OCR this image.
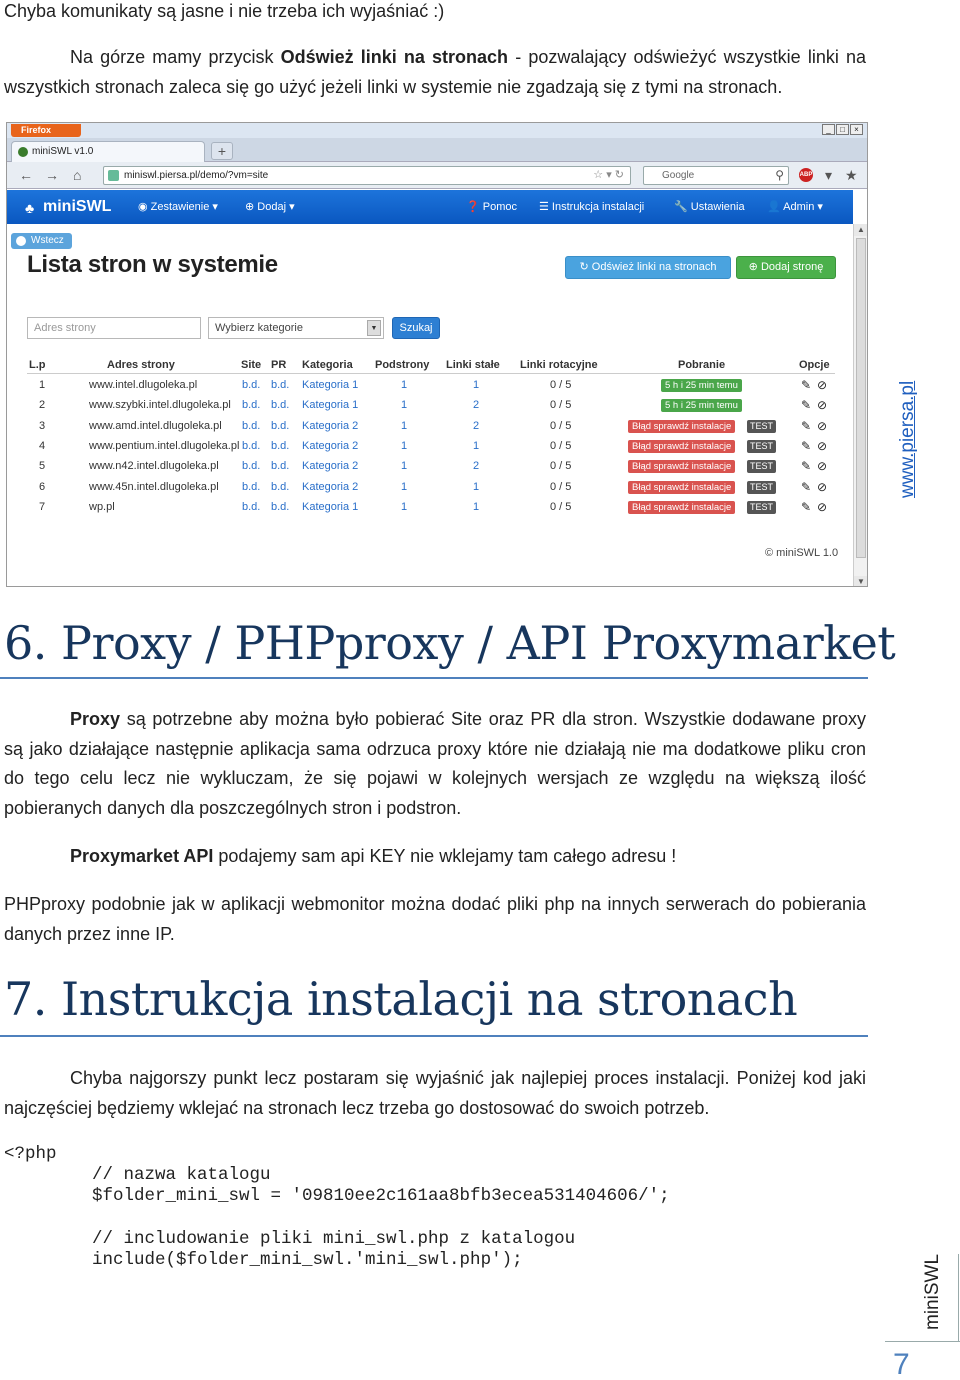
Chyba komunikaty są jasne i nie trzeba ich wyjaśniać :)
Na górze mamy przycisk Odśwież linki na stronach - pozwalający odświeżyć wszystkie linki na wszystkich stronach zaleca się go użyć jeżeli linki w systemie nie zgadzają się z tymi na stronach.
Firefox	_	□	×
miniSWL v1.0	+
← → ⌂	miniswl.piersa.pl/demo/?vm=site	☆ ▾ ↻	Google	⚲	ABP ▾ ★
♣ miniSWL ◉ Zestawienie ▾ ⊕ Dodaj ▾	❓ Pomoc ☰ Instrukcja instalacji	🔧 Ustawienia 👤 Admin ▾
Wstecz
Lista stron w systemie	↻ Odśwież linki na stronach	⊕ Dodaj stronę
Adres strony	Wybierz kategorie	▼	Szukaj
L.p	Adres strony	Site PR Kategoria Podstrony Linki stałe Linki rotacyjne	Pobranie	Opcje
1	www.intel.dlugoleka.pl	b.d. b.d. Kategoria 1	1	1	0 / 5	5 h i 25 min temu	✎ ⊘
2	www.szybki.intel.dlugoleka.pl b.d. b.d. Kategoria 1	1	2	0 / 5	5 h i 25 min temu	✎ ⊘
3	www.amd.intel.dlugoleka.pl b.d. b.d. Kategoria 2	1	2	0 / 5	Błąd sprawdź instalacje	TEST ✎ ⊘
4	www.pentium.intel.dlugoleka.pl b.d. b.d. Kategoria 2	1	1	0 / 5	Błąd sprawdź instalacje	TEST ✎ ⊘
5	www.n42.intel.dlugoleka.pl b.d. b.d. Kategoria 2	1	2	0 / 5	Błąd sprawdź instalacje	TEST ✎ ⊘
6	www.45n.intel.dlugoleka.pl b.d. b.d. Kategoria 2	1	1	0 / 5	Błąd sprawdź instalacje	TEST ✎ ⊘
7	wp.pl	b.d. b.d. Kategoria 1	1	1	0 / 5	Błąd sprawdź instalacje	TEST ✎ ⊘
© miniSWL 1.0
▲
▼
6. Proxy / PHPproxy / API Proxymarket
Proxy są potrzebne aby można było pobierać Site oraz PR dla stron. Wszystkie dodawane proxy są jako działające następnie aplikacja sama odrzuca proxy które nie działają nie ma dodatkowe pliku cron do tego celu lecz nie wykluczam, że się pojawi w kolejnych wersjach ze względu na większą ilość pobieranych danych dla poszczególnych stron i podstron.
Proxymarket API podajemy sam api KEY nie wklejamy tam całego adresu !
PHPproxy podobnie jak w aplikacji webmonitor można dodać pliki php na innych serwerach do pobierania danych przez inne IP.
7. Instrukcja instalacji na stronach
Chyba najgorszy punkt lecz postaram się wyjaśnić jak najlepiej proces instalacji. Poniżej kod jaki najczęściej będziemy wklejać na stronach lecz trzeba go dostosować do swoich potrzeb.
<?php
// nazwa katalogu
$folder_mini_swl = '09810ee2c161aa8bfb3ecea531404606/';
// includowanie pliki mini_swl.php z katalogou
include($folder_mini_swl.'mini_swl.php');
www.piersa.pl
miniSWL
7
